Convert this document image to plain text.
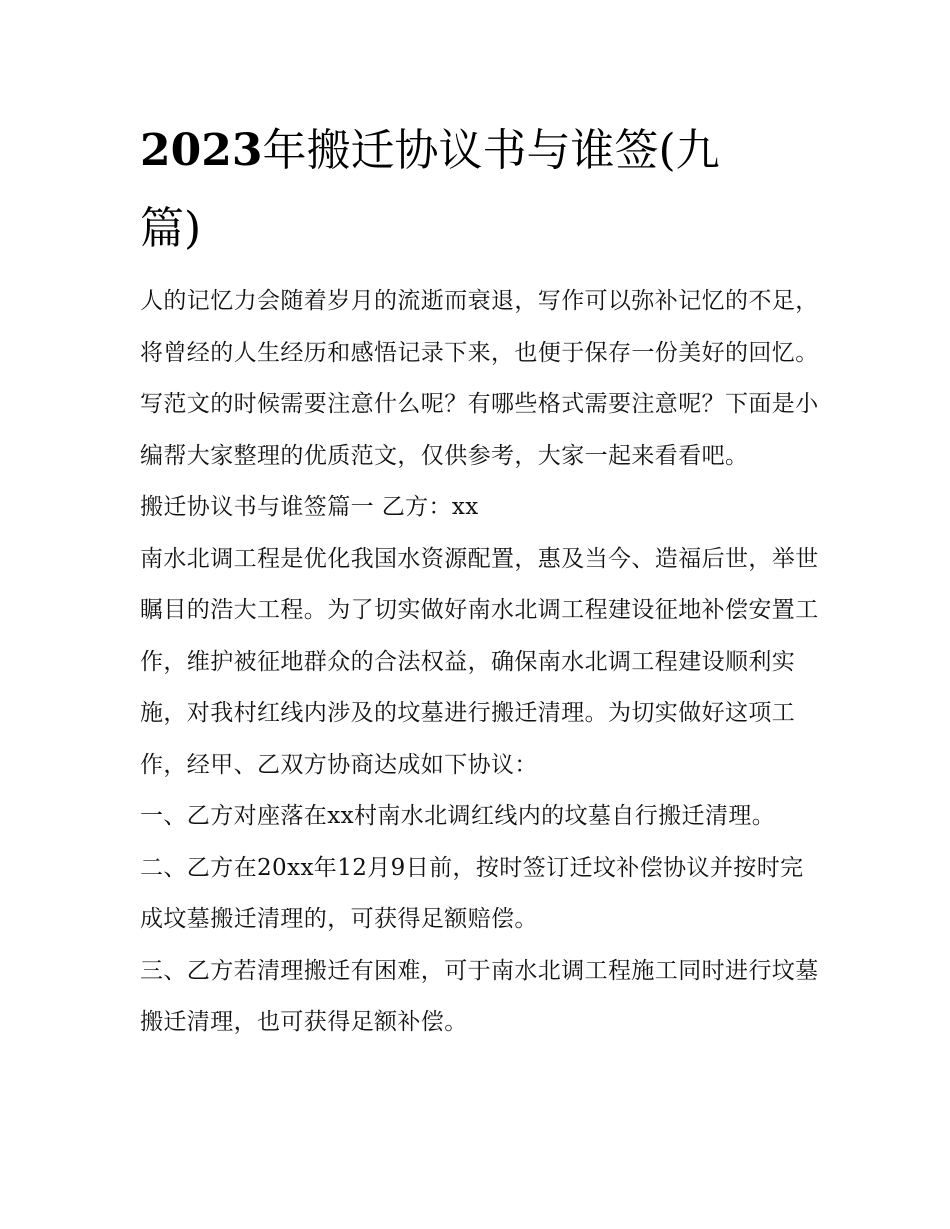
2023年搬迁协议书与谁签(九篇)

人的记忆力会随着岁月的流逝而衰退，写作可以弥补记忆的不足，将曾经的人生经历和感悟记录下来，也便于保存一份美好的回忆。写范文的时候需要注意什么呢？有哪些格式需要注意呢？下面是小编帮大家整理的优质范文，仅供参考，大家一起来看看吧。

搬迁协议书与谁签篇一 乙方：xx

南水北调工程是优化我国水资源配置，惠及当今、造福后世，举世瞩目的浩大工程。为了切实做好南水北调工程建设征地补偿安置工作，维护被征地群众的合法权益，确保南水北调工程建设顺利实施，对我村红线内涉及的坟墓进行搬迁清理。为切实做好这项工作，经甲、乙双方协商达成如下协议：

一、乙方对座落在xx村南水北调红线内的坟墓自行搬迁清理。 二、乙方在20xx年12月9日前，按时签订迁坟补偿协议并按时完成坟墓搬迁清理的，可获得足额赔偿。

三、乙方若清理搬迁有困难，可于南水北调工程施工同时进行坟墓搬迁清理，也可获得足额补偿。
